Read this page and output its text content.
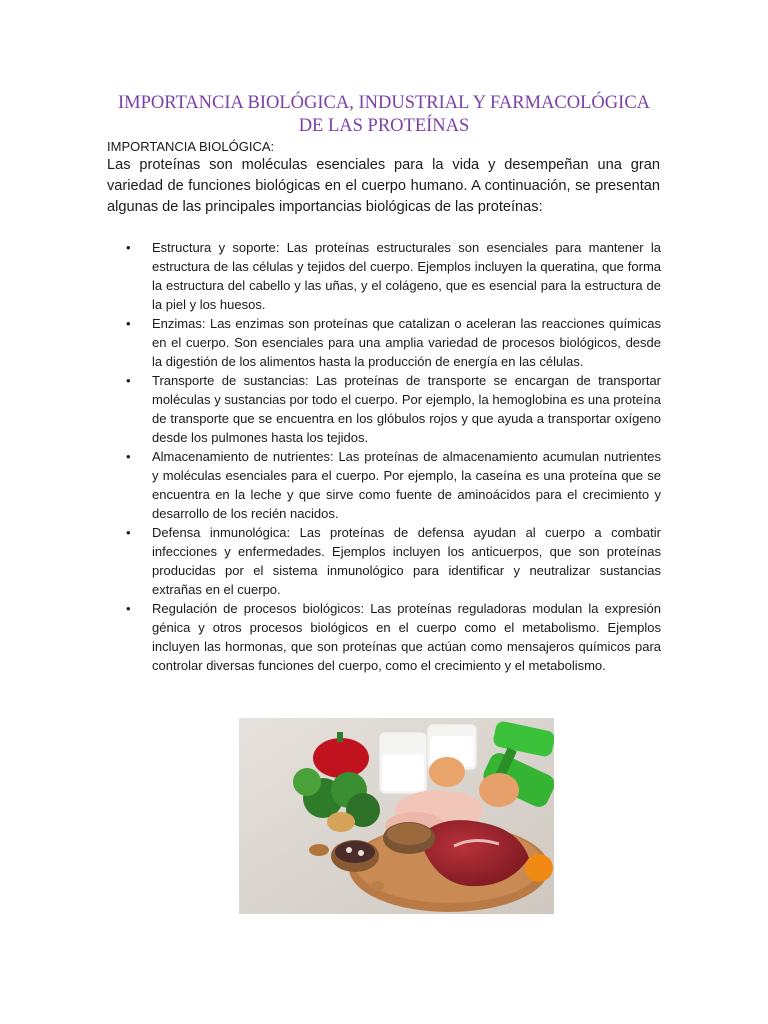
IMPORTANCIA BIOLÓGICA, INDUSTRIAL Y FARMACOLÓGICA
DE LAS PROTEÍNAS

IMPORTANCIA BIOLÓGICA:

Las proteínas son moléculas esenciales para la vida y desempeñan una gran variedad de funciones biológicas en el cuerpo humano. A continuación, se presentan algunas de las principales importancias biológicas de las proteínas:

• Estructura y soporte: Las proteínas estructurales son esenciales para mantener la estructura de las células y tejidos del cuerpo. Ejemplos incluyen la queratina, que forma la estructura del cabello y las uñas, y el colágeno, que es esencial para la estructura de la piel y los huesos.
• Enzimas: Las enzimas son proteínas que catalizan o aceleran las reacciones químicas en el cuerpo. Son esenciales para una amplia variedad de procesos biológicos, desde la digestión de los alimentos hasta la producción de energía en las células.
• Transporte de sustancias: Las proteínas de transporte se encargan de transportar moléculas y sustancias por todo el cuerpo. Por ejemplo, la hemoglobina es una proteína de transporte que se encuentra en los glóbulos rojos y que ayuda a transportar oxígeno desde los pulmones hasta los tejidos.
• Almacenamiento de nutrientes: Las proteínas de almacenamiento acumulan nutrientes y moléculas esenciales para el cuerpo. Por ejemplo, la caseína es una proteína que se encuentra en la leche y que sirve como fuente de aminoácidos para el crecimiento y desarrollo de los recién nacidos.
• Defensa inmunológica: Las proteínas de defensa ayudan al cuerpo a combatir infecciones y enfermedades. Ejemplos incluyen los anticuerpos, que son proteínas producidas por el sistema inmunológico para identificar y neutralizar sustancias extrañas en el cuerpo.
• Regulación de procesos biológicos: Las proteínas reguladoras modulan la expresión génica y otros procesos biológicos en el cuerpo como el metabolismo. Ejemplos incluyen las hormonas, que son proteínas que actúan como mensajeros químicos para controlar diversas funciones del cuerpo, como el crecimiento y el metabolismo.
